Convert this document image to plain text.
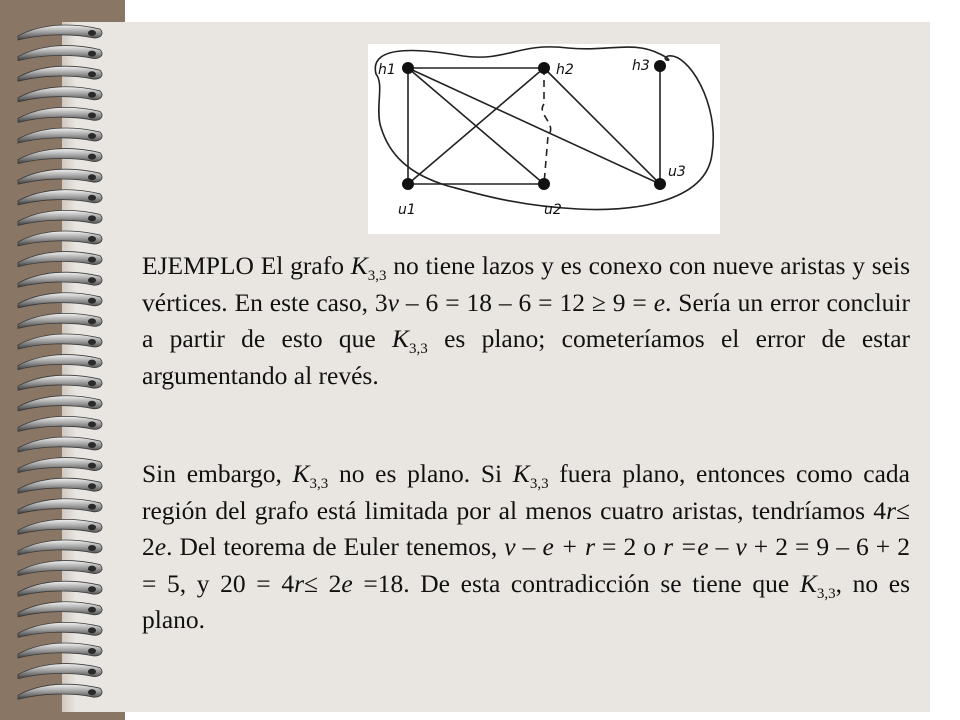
h1	h2	h3
u1	u2
u3

EJEMPLO El grafo $K_{3,3}$ no tiene lazos y es conexo con nueve aristas y seis vértices. En este caso, 3v – 6 = 18 – 6 = 12 ≥ 9 = e. Sería un error concluir a partir de esto que $K_{3,3}$ es plano; cometeríamos el error de estar argumentando al revés.

Sin embargo, $K_{3,3}$ no es plano. Si $K_{3,3}$ fuera plano, entonces como cada región del grafo está limitada por al menos cuatro aristas, tendríamos 4r≤ 2e. Del teorema de Euler tenemos, v – e + r = 2 o r =e – v + 2 = 9 – 6 + 2 = 5, y 20 = 4r≤ 2e =18. De esta contradicción se tiene que $K_{3,3}$, no es plano.
